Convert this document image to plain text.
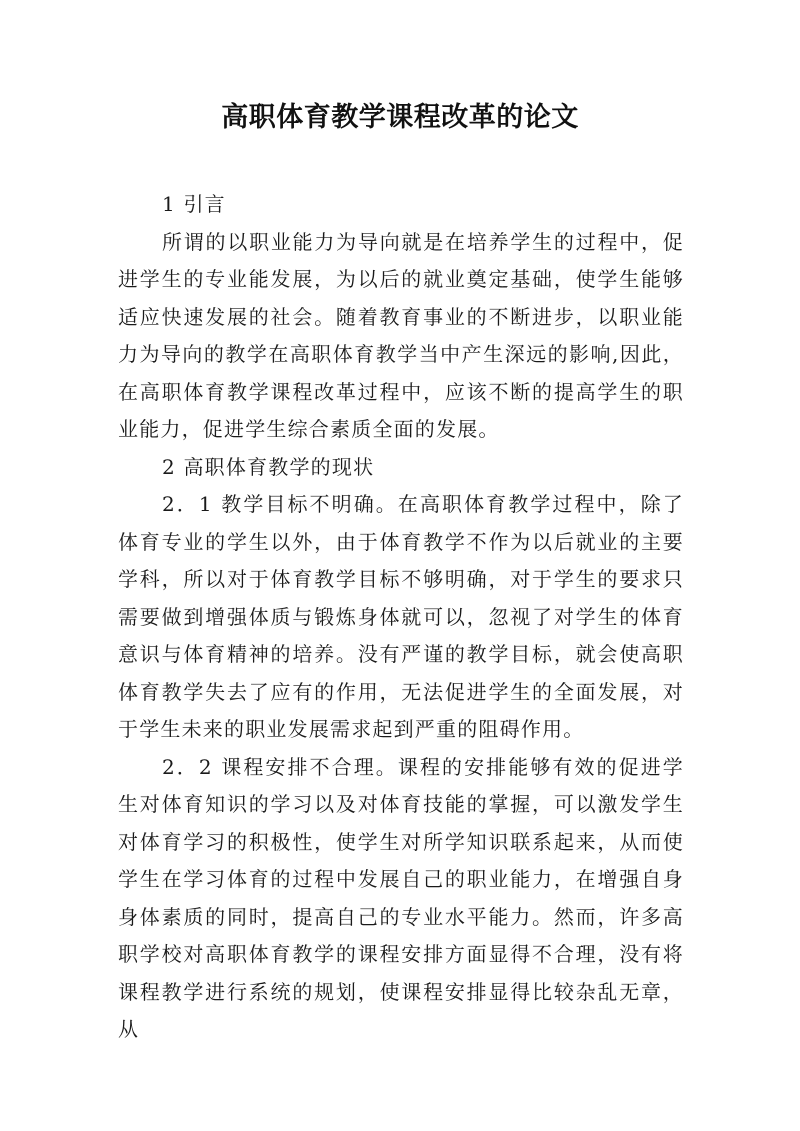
高职体育教学课程改革的论文

1 引言

所谓的以职业能力为导向就是在培养学生的过程中，促进学生的专业能发展，为以后的就业奠定基础，使学生能够适应快速发展的社会。随着教育事业的不断进步，以职业能力为导向的教学在高职体育教学当中产生深远的影响,因此，在高职体育教学课程改革过程中，应该不断的提高学生的职业能力，促进学生综合素质全面的发展。

2 高职体育教学的现状

2．1 教学目标不明确。在高职体育教学过程中，除了体育专业的学生以外，由于体育教学不作为以后就业的主要学科，所以对于体育教学目标不够明确，对于学生的要求只需要做到增强体质与锻炼身体就可以，忽视了对学生的体育意识与体育精神的培养。没有严谨的教学目标，就会使高职体育教学失去了应有的作用，无法促进学生的全面发展，对于学生未来的职业发展需求起到严重的阻碍作用。

2．2 课程安排不合理。课程的安排能够有效的促进学生对体育知识的学习以及对体育技能的掌握，可以激发学生对体育学习的积极性，使学生对所学知识联系起来，从而使学生在学习体育的过程中发展自己的职业能力，在增强自身身体素质的同时，提高自己的专业水平能力。然而，许多高职学校对高职体育教学的课程安排方面显得不合理，没有将课程教学进行系统的规划，使课程安排显得比较杂乱无章，从
